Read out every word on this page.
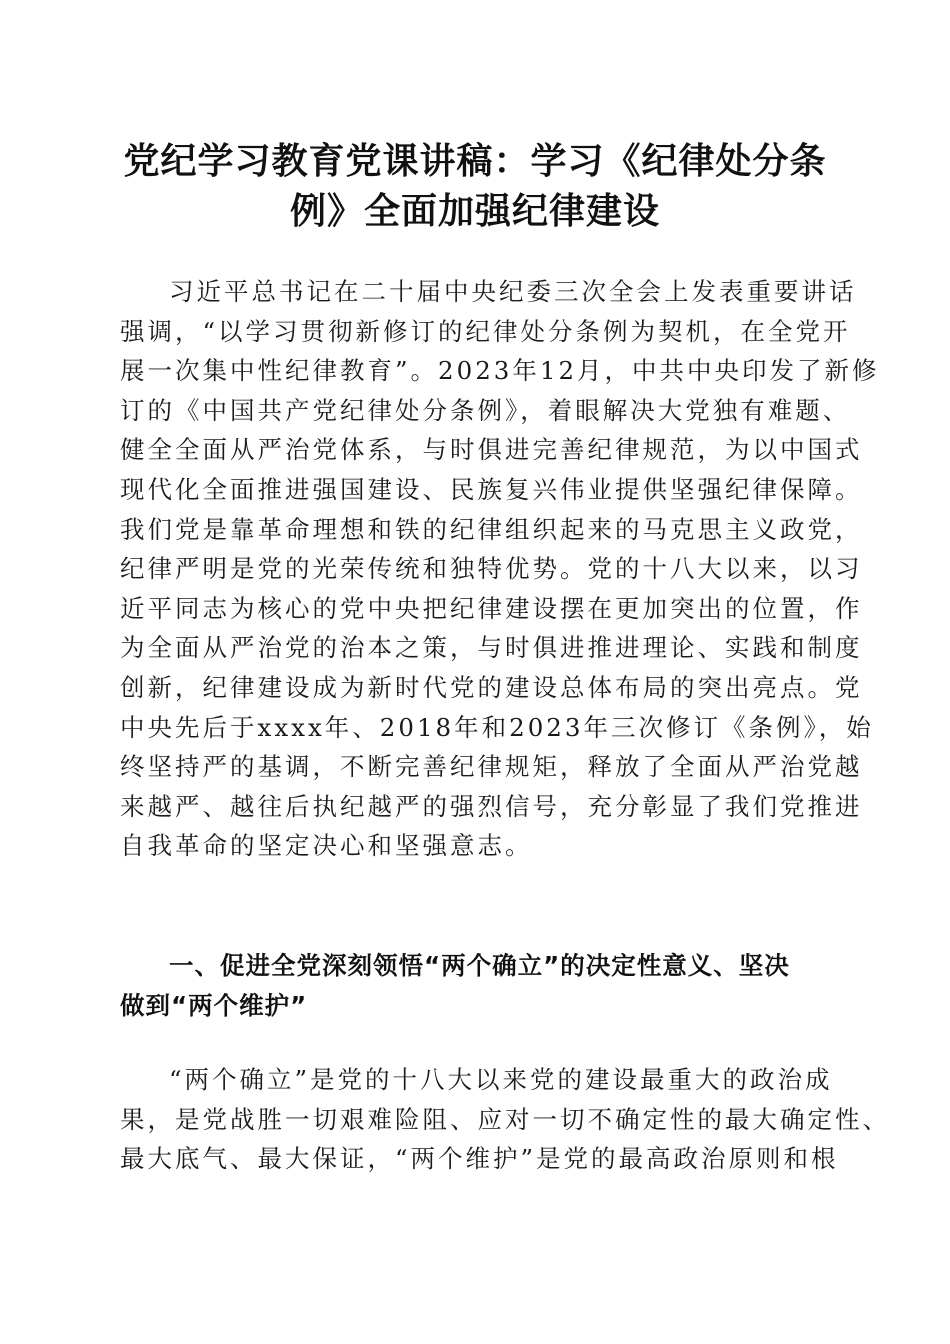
党纪学习教育党课讲稿：学习《纪律处分条
例》全面加强纪律建设
习近平总书记在二十届中央纪委三次全会上发表重要讲话
强调，“以学习贯彻新修订的纪律处分条例为契机，在全党开
展一次集中性纪律教育”。2023年12月，中共中央印发了新修
订的《中国共产党纪律处分条例》，着眼解决大党独有难题、
健全全面从严治党体系，与时俱进完善纪律规范，为以中国式
现代化全面推进强国建设、民族复兴伟业提供坚强纪律保障。
我们党是靠革命理想和铁的纪律组织起来的马克思主义政党，
纪律严明是党的光荣传统和独特优势。党的十八大以来，以习
近平同志为核心的党中央把纪律建设摆在更加突出的位置，作
为全面从严治党的治本之策，与时俱进推进理论、实践和制度
创新，纪律建设成为新时代党的建设总体布局的突出亮点。党
中央先后于xxxx年、2018年和2023年三次修订《条例》，始
终坚持严的基调，不断完善纪律规矩，释放了全面从严治党越
来越严、越往后执纪越严的强烈信号，充分彰显了我们党推进
自我革命的坚定决心和坚强意志。
一、促进全党深刻领悟“两个确立”的决定性意义、坚决
做到“两个维护”
“两个确立”是党的十八大以来党的建设最重大的政治成
果，是党战胜一切艰难险阻、应对一切不确定性的最大确定性、
最大底气、最大保证，“两个维护”是党的最高政治原则和根
